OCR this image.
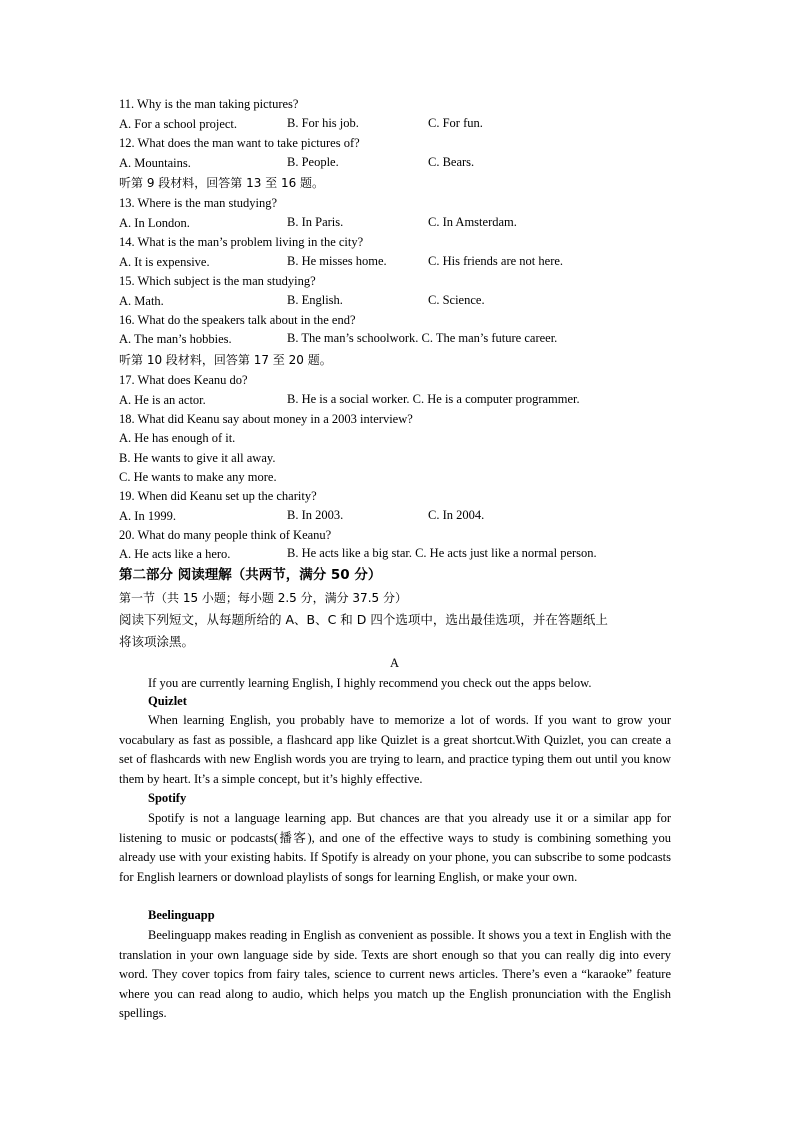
11. Why is the man taking pictures?
A. For a school project.	B. For his job.	C. For fun.
12. What does the man want to take pictures of?
A. Mountains.	B. People.	C. Bears.
听第 9 段材料，回答第 13 至 16 题。
13. Where is the man studying?
A. In London.	B. In Paris.	C. In Amsterdam.
14. What is the man’s problem living in the city?
A. It is expensive.	B. He misses home.	C. His friends are not here.
15. Which subject is the man studying?
A. Math.	B. English.	C. Science.
16. What do the speakers talk about in the end?
A. The man’s hobbies.	B. The man’s schoolwork. C. The man’s future career.
听第 10 段材料，回答第 17 至 20 题。
17. What does Keanu do?
A. He is an actor.	B. He is a social worker. C. He is a computer programmer.
18. What did Keanu say about money in a 2003 interview?
A. He has enough of it.
B. He wants to give it all away.
C. He wants to make any more.
19. When did Keanu set up the charity?
A. In 1999.	B. In 2003.	C. In 2004.
20. What do many people think of Keanu?
A. He acts like a hero.	B. He acts like a big star. C. He acts just like a normal person.
第二部分 阅读理解（共两节，满分 50 分）
第一节（共 15 小题；每小题 2.5 分，满分 37.5 分）
阅读下列短文，从每题所给的 A、B、C 和 D 四个选项中，选出最佳选项，并在答题纸上
将该项涂黑。
A
If you are currently learning English, I highly recommend you check out the apps below.
Quizlet

When learning English, you probably have to memorize a lot of words. If you want to grow your vocabulary as fast as possible, a flashcard app like Quizlet is a great shortcut.With Quizlet, you can create a set of flashcards with new English words you are trying to learn, and practice typing them out until you know them by heart. It’s a simple concept, but it’s highly effective.

Spotify

Spotify is not a language learning app. But chances are that you already use it or a similar app for listening to music or podcasts(播客), and one of the effective ways to study is combining something you already use with your existing habits. If Spotify is already on your phone, you can subscribe to some podcasts for English learners or download playlists of songs for learning English, or make your own.

Beelinguapp

Beelinguapp makes reading in English as convenient as possible. It shows you a text in English with the translation in your own language side by side. Texts are short enough so that you can really dig into every word. They cover topics from fairy tales, science to current news articles. There’s even a “karaoke” feature where you can read along to audio, which helps you match up the English pronunciation with the English spellings.
